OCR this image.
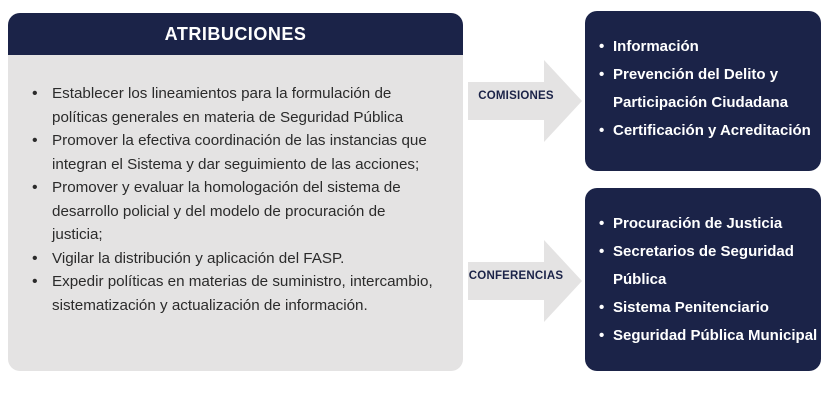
ATRIBUCIONES
• Establecer los lineamientos para la formulación de
políticas generales en materia de Seguridad Pública
• Promover la efectiva coordinación de las instancias que
integran el Sistema y dar seguimiento de las acciones;
• Promover y evaluar la homologación del sistema de
desarrollo policial y del modelo de procuración de
justicia;
• Vigilar la distribución y aplicación del FASP.
• Expedir políticas en materias de suministro, intercambio,
sistematización y actualización de información.
COMISIONES
CONFERENCIAS
• Información
• Prevención del Delito y
Participación Ciudadana
• Certificación y Acreditación
• Procuración de Justicia
• Secretarios de Seguridad
Pública
• Sistema Penitenciario
• Seguridad Pública Municipal
